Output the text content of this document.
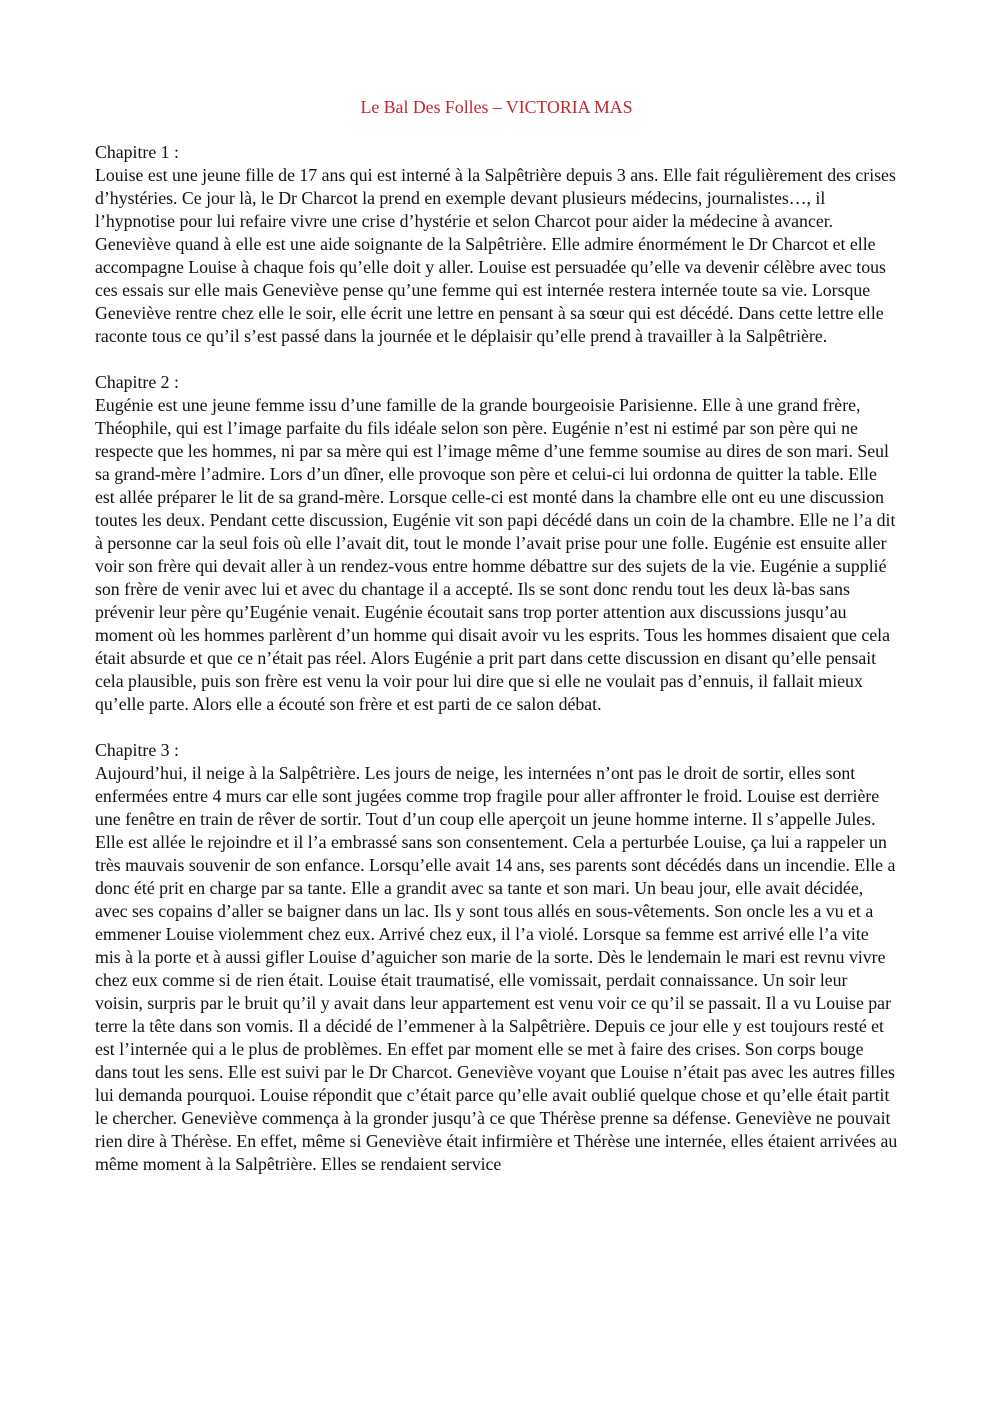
Le Bal Des Folles – VICTORIA MAS

Chapitre 1 :

Louise est une jeune fille de 17 ans qui est interné à la Salpêtrière depuis 3 ans. Elle fait régulièrement des crises d’hystéries. Ce jour là, le Dr Charcot la prend en exemple devant plusieurs médecins, journalistes…, il l’hypnotise pour lui refaire vivre une crise d’hystérie et selon Charcot pour aider la médecine à avancer. Geneviève quand à elle est une aide soignante de la Salpêtrière. Elle admire énormément le Dr Charcot et elle accompagne Louise à chaque fois qu’elle doit y aller. Louise est persuadée qu’elle va devenir célèbre avec tous ces essais sur elle mais Geneviève pense qu’une femme qui est internée restera internée toute sa vie. Lorsque Geneviève rentre chez elle le soir, elle écrit une lettre en pensant à sa sœur qui est décédé. Dans cette lettre elle raconte tous ce qu’il s’est passé dans la journée et le déplaisir qu’elle prend à travailler à la Salpêtrière.

Chapitre 2 :

Eugénie est une jeune femme issu d’une famille de la grande bourgeoisie Parisienne. Elle à une grand frère, Théophile, qui est l’image parfaite du fils idéale selon son père. Eugénie n’est ni estimé par son père qui ne respecte que les hommes, ni par sa mère qui est l’image même d’une femme soumise au dires de son mari. Seul sa grand-mère l’admire. Lors d’un dîner, elle provoque son père et celui-ci lui ordonna de quitter la table. Elle est allée préparer le lit de sa grand-mère. Lorsque celle-ci est monté dans la chambre elle ont eu une discussion toutes les deux. Pendant cette discussion, Eugénie vit son papi décédé dans un coin de la chambre. Elle ne l’a dit à personne car la seul fois où elle l’avait dit, tout le monde l’avait prise pour une folle. Eugénie est ensuite aller voir son frère qui devait aller à un rendez-vous entre homme débattre sur des sujets de la vie. Eugénie a supplié son frère de venir avec lui et avec du chantage il a accepté. Ils se sont donc rendu tout les deux là-bas sans prévenir leur père qu’Eugénie venait. Eugénie écoutait sans trop porter attention aux discussions jusqu’au moment où les hommes parlèrent d’un homme qui disait avoir vu les esprits. Tous les hommes disaient que cela était absurde et que ce n’était pas réel. Alors Eugénie a prit part dans cette discussion en disant qu’elle pensait cela plausible, puis son frère est venu la voir pour lui dire que si elle ne voulait pas d’ennuis, il fallait mieux qu’elle parte. Alors elle a écouté son frère et est parti de ce salon débat.

Chapitre 3 :

Aujourd’hui, il neige à la Salpêtrière. Les jours de neige, les internées n’ont pas le droit de sortir, elles sont enfermées entre 4 murs car elle sont jugées comme trop fragile pour aller affronter le froid. Louise est derrière une fenêtre en train de rêver de sortir. Tout d’un coup elle aperçoit un jeune homme interne. Il s’appelle Jules. Elle est allée le rejoindre et il l’a embrassé sans son consentement. Cela a perturbée Louise, ça lui a rappeler un très mauvais souvenir de son enfance. Lorsqu’elle avait 14 ans, ses parents sont décédés dans un incendie. Elle a donc été prit en charge par sa tante. Elle a grandit avec sa tante et son mari. Un beau jour, elle avait décidée, avec ses copains d’aller se baigner dans un lac. Ils y sont tous allés en sous-vêtements. Son oncle les a vu et a emmener Louise violemment chez eux. Arrivé chez eux, il l’a violé. Lorsque sa femme est arrivé elle l’a vite mis à la porte et à aussi gifler Louise d’aguicher son marie de la sorte. Dès le lendemain le mari est revnu vivre chez eux comme si de rien était. Louise était traumatisé, elle vomissait, perdait connaissance. Un soir leur voisin, surpris par le bruit qu’il y avait dans leur appartement est venu voir ce qu’il se passait. Il a vu Louise par terre la tête dans son vomis. Il a décidé de l’emmener à la Salpêtrière. Depuis ce jour elle y est toujours resté et est l’internée qui a le plus de problèmes. En effet par moment elle se met à faire des crises. Son corps bouge dans tout les sens. Elle est suivi par le Dr Charcot. Geneviève voyant que Louise n’était pas avec les autres filles lui demanda pourquoi. Louise répondit que c’était parce qu’elle avait oublié quelque chose et qu’elle était partit le chercher. Geneviève commença à la gronder jusqu’à ce que Thérèse prenne sa défense. Geneviève ne pouvait rien dire à Thérèse. En effet, même si Geneviève était infirmière et Thérèse une internée, elles étaient arrivées au même moment à la Salpêtrière. Elles se rendaient service
